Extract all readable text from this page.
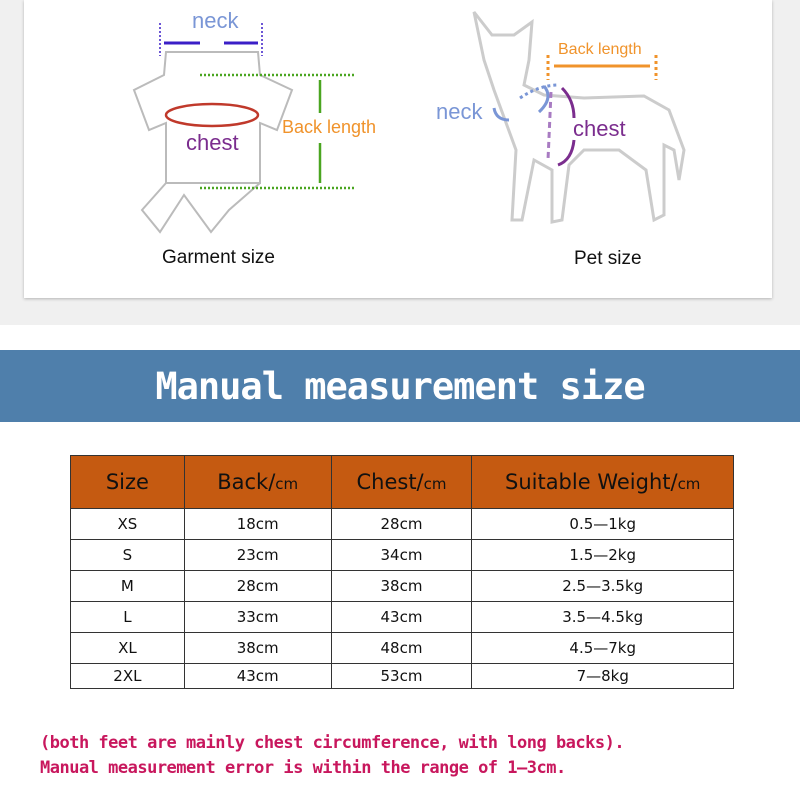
neck
chest
Back length
Garment size
Back length
neck
chest
Pet size
Manual measurement size
Size	Back/cm	Chest/cm	Suitable Weight/cm
XS	18cm	28cm	0.5—1kg
S	23cm	34cm	1.5—2kg
M	28cm	38cm	2.5—3.5kg
L	33cm	43cm	3.5—4.5kg
XL	38cm	48cm	4.5—7kg
2XL	43cm	53cm	7—8kg
(both feet are mainly chest circumference, with long backs).
Manual measurement error is within the range of 1—3cm.
